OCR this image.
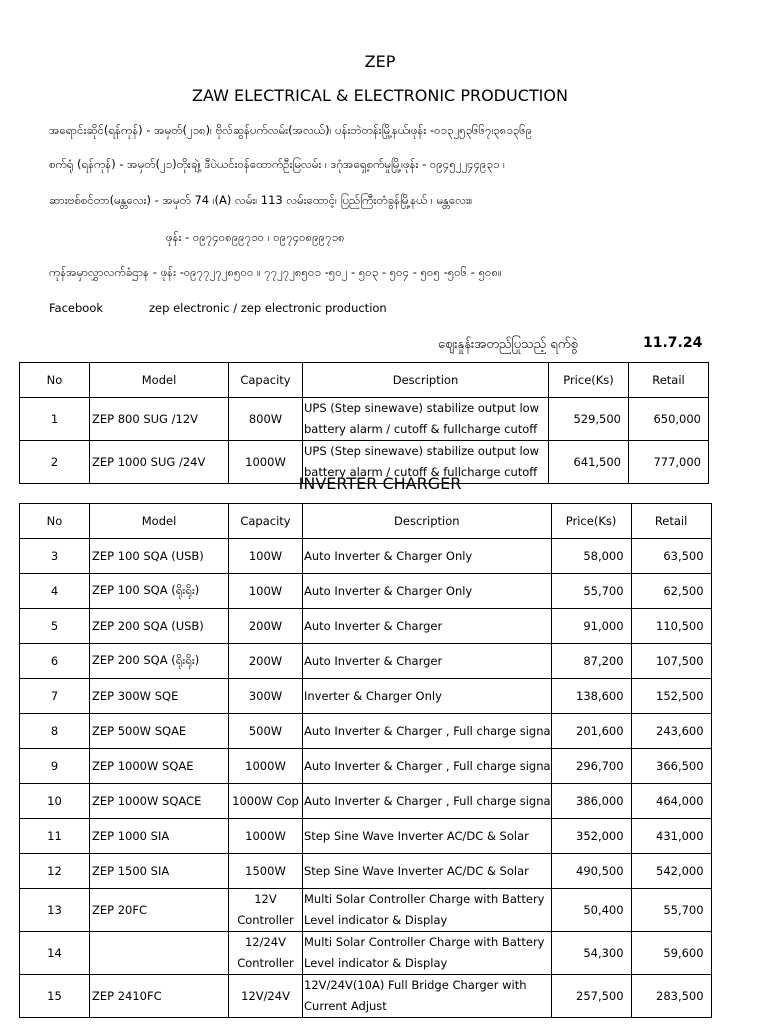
ZEP
ZAW ELECTRICAL & ELECTRONIC PRODUCTION
အရောင်းဆိုင်(ရန်ကုန်) - အမှတ်(၂၁၈)၊ ဗိုလ်ဆွန်ပက်လမ်း(အလယ်)၊ ပန်းဘဲတန်းမြို့နယ်၊ဖုန်း -၀၁၃၂၅၃၆၆၇၊၃၈၁၃၆၉
စက်ရုံ (ရန်ကုန်) - အမှတ်(၂၁)တိုးချဲ့၊ ဒီပဲယင်းဝန်ထောက်ဦးမြလမ်း ၊ ဒဂုံအရှေ့စက်မှုမြို့၊ဖုန်း - ၀၉၄၅၂၂၄၄၉၃၁ ၊
ဆားဗစ်စင်တာ(မန္တလေး) - အမှတ် 74 ၊(A) လမ်း၊ 113 လမ်းထောင့်၊ ပြည်ကြီးတံခွန်မြို့နယ် ၊ မန္တလေး။
ဖုန်း - ၀၉၇၄၀၈၉၉၇၁၀ ၊ ၀၉၇၄၀၈၉၉၇၁၈
ကုန်အမှာလွှာလက်ခံဌာန - ဖုန်း -၀၉၇၇၂၇၂၈၅၀၀ ။ ၇၇၂၇၂၈၅၀၁ -၅၀၂ - ၅၀၃ - ၅၀၄ - ၅၀၅ -၅၀၆ - ၅၀၈။
Facebook	zep electronic / zep electronic production
ဈေးနှုန်းအတည်ပြုသည့် ရက်စွဲ	11.7.24
No	Model	Capacity	Description	Price(Ks)	Retail
1	ZEP 800 SUG /12V	800W	UPS (Step sinewave) stabilize output low
battery alarm / cutoff & fullcharge cutoff	529,500	650,000
2	ZEP 1000 SUG /24V	1000W	UPS (Step sinewave) stabilize output low
battery alarm / cutoff & fullcharge cutoff	641,500	777,000
INVERTER CHARGER
No	Model	Capacity	Description	Price(Ks)	Retail
3	ZEP 100 SQA (USB)	100W	Auto Inverter & Charger Only	58,000	63,500
4	ZEP 100 SQA (ရိုးရိုး)	100W	Auto Inverter & Charger Only	55,700	62,500
5	ZEP 200 SQA (USB)	200W	Auto Inverter & Charger	91,000	110,500
6	ZEP 200 SQA (ရိုးရိုး)	200W	Auto Inverter & Charger	87,200	107,500
7	ZEP 300W SQE	300W	Inverter & Charger Only	138,600	152,500
8	ZEP 500W SQAE	500W	Auto Inverter & Charger , Full charge signa	201,600	243,600
9	ZEP 1000W SQAE	1000W	Auto Inverter & Charger , Full charge signa	296,700	366,500
10	ZEP 1000W SQACE	1000W Cop	Auto Inverter & Charger , Full charge signa	386,000	464,000
11	ZEP 1000 SIA	1000W	Step Sine Wave Inverter AC/DC & Solar	352,000	431,000
12	ZEP 1500 SIA	1500W	Step Sine Wave Inverter AC/DC & Solar	490,500	542,000
13	ZEP 20FC	12V
Controller	Multi Solar Controller Charge with Battery
Level indicator & Display	50,400	55,700
14		12/24V
Controller	Multi Solar Controller Charge with Battery
Level indicator & Display	54,300	59,600
15	ZEP 2410FC	12V/24V	12V/24V(10A) Full Bridge Charger with
Current Adjust	257,500	283,500
